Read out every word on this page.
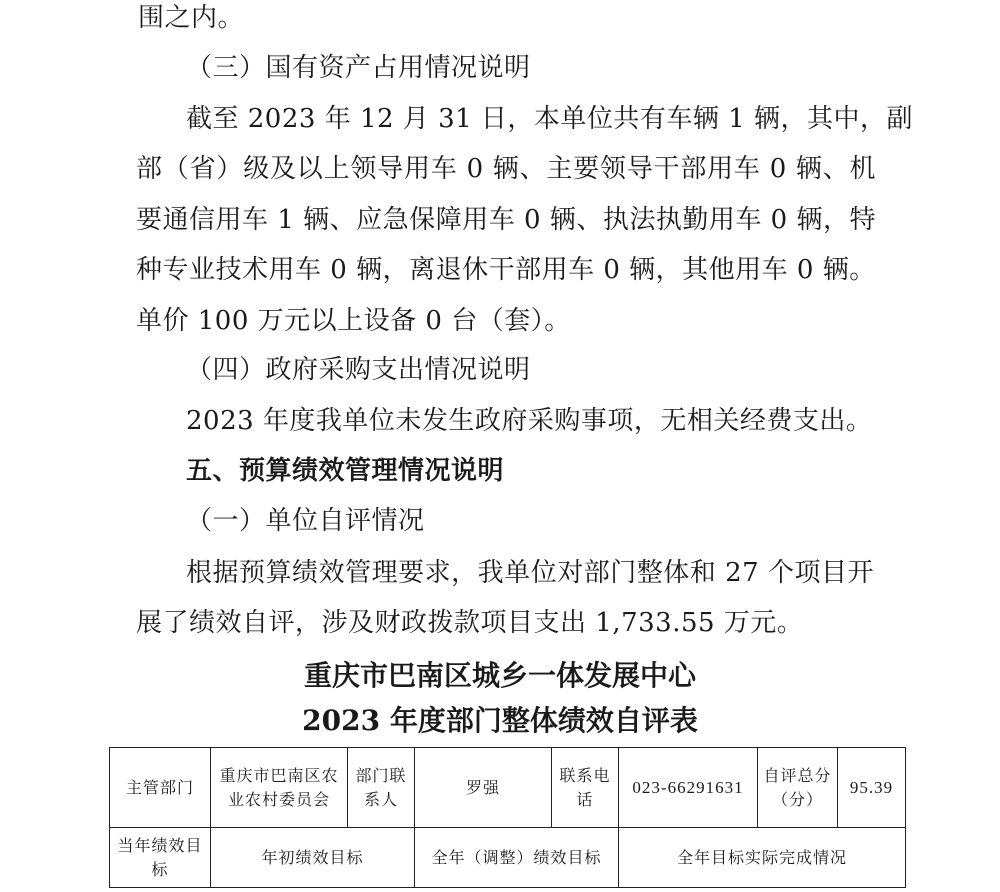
围之内。
（三）国有资产占用情况说明
截至 2023 年 12 月 31 日，本单位共有车辆 1 辆，其中，副
部（省）级及以上领导用车 0 辆、主要领导干部用车 0 辆、机
要通信用车 1 辆、应急保障用车 0 辆、执法执勤用车 0 辆，特
种专业技术用车 0 辆，离退休干部用车 0 辆，其他用车 0 辆。
单价 100 万元以上设备 0 台（套）。
（四）政府采购支出情况说明
2023 年度我单位未发生政府采购事项，无相关经费支出。
五、预算绩效管理情况说明
（一）单位自评情况
根据预算绩效管理要求，我单位对部门整体和 27 个项目开
展了绩效自评，涉及财政拨款项目支出 1,733.55 万元。
重庆市巴南区城乡一体发展中心
2023 年度部门整体绩效自评表
主管部门	重庆市巴南区农业农村委员会	部门联系人	罗强	联系电话	023-66291631	自评总分（分）	95.39
当年绩效目标	年初绩效目标		全年（调整）绩效目标		全年目标实际完成情况		
